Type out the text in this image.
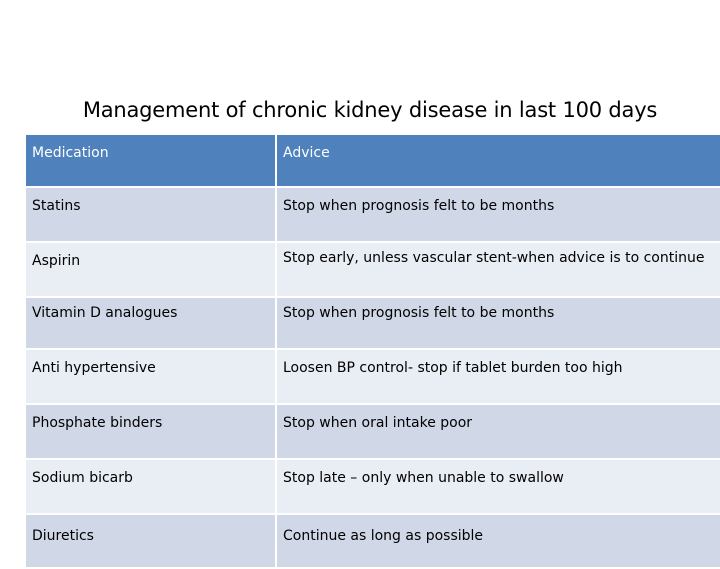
Management of chronic kidney disease in last 100 days
Medication	Advice
Statins	Stop when prognosis felt to be months
Aspirin	Stop early, unless vascular stent-when advice is to continue
Vitamin D analogues	Stop when prognosis felt to be months
Anti hypertensive	Loosen BP control- stop if tablet burden too high
Phosphate binders	Stop when oral intake poor
Sodium bicarb	Stop late – only when unable to swallow
Diuretics	Continue as long as possible
